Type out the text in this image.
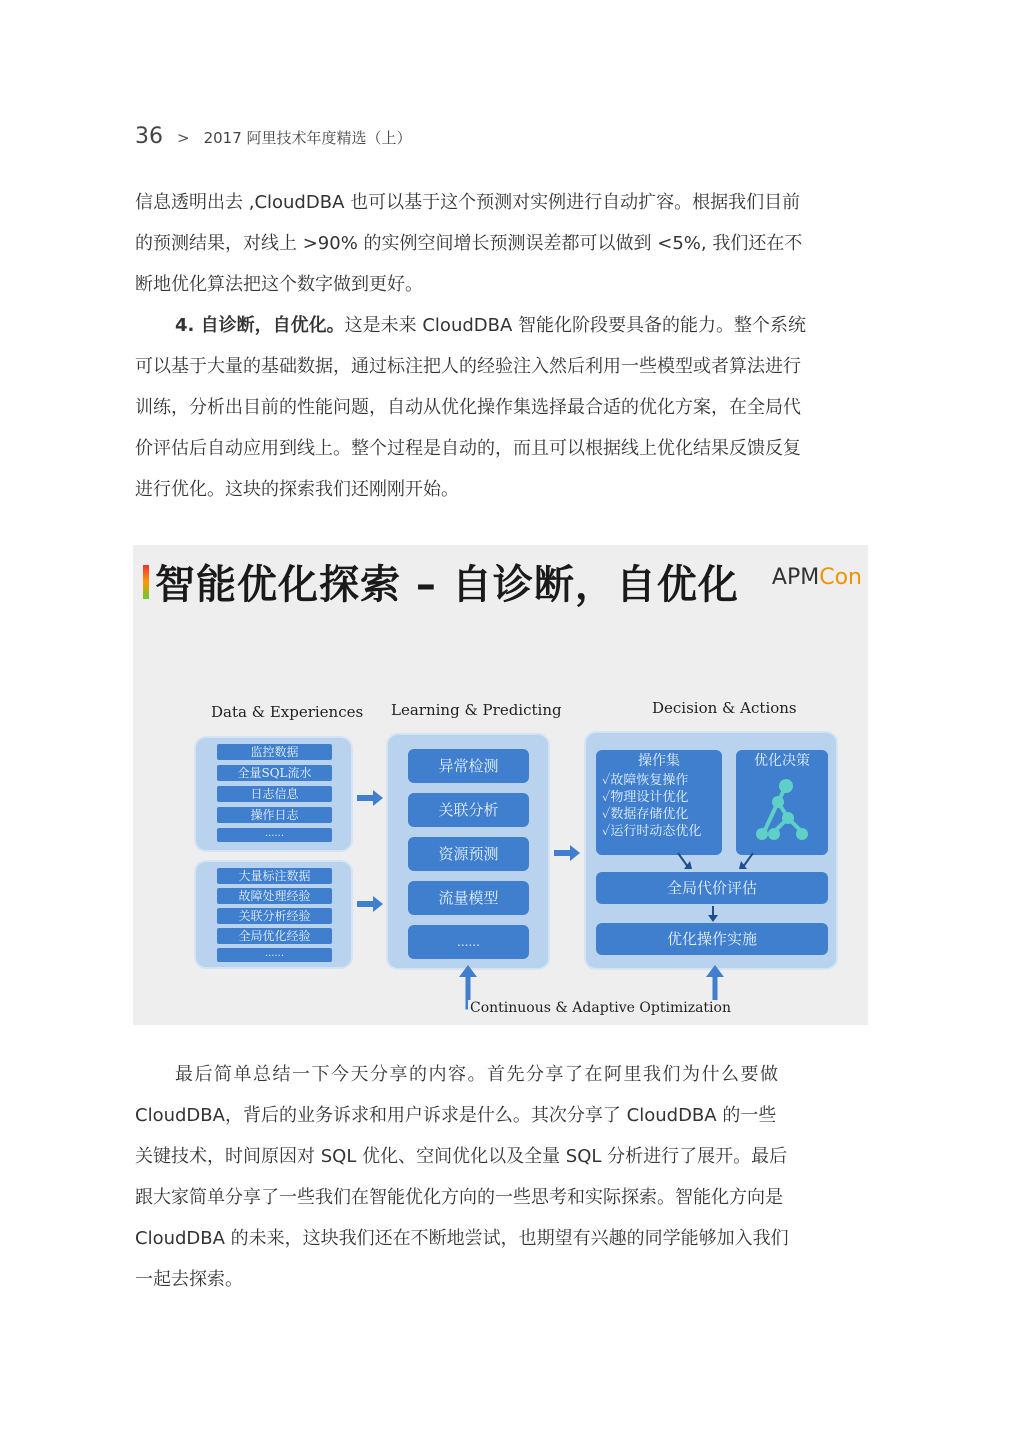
36 > 2017 阿里技术年度精选（上）
信息透明出去 ,CloudDBA 也可以基于这个预测对实例进行自动扩容。根据我们目前
的预测结果，对线上 >90% 的实例空间增长预测误差都可以做到 <5%, 我们还在不
断地优化算法把这个数字做到更好。
4. 自诊断，自优化。这是未来 CloudDBA 智能化阶段要具备的能力。整个系统
可以基于大量的基础数据，通过标注把人的经验注入然后利用一些模型或者算法进行
训练，分析出目前的性能问题，自动从优化操作集选择最合适的优化方案，在全局代
价评估后自动应用到线上。整个过程是自动的，而且可以根据线上优化结果反馈反复
进行优化。这块的探索我们还刚刚开始。
智能优化探索 – 自诊断，自优化 APMCon
Data & Experiences Learning & Predicting	Decision & Actions
监控数据
全量SQL流水
日志信息
操作日志
......
大量标注数据
故障处理经验
关联分析经验
全局优化经验
......
异常检测
关联分析
资源预测
流量模型
......
操作集
✓故障恢复操作
✓物理设计优化
✓数据存储优化
✓运行时动态优化
优化决策
全局代价评估
优化操作实施
Continuous & Adaptive Optimization
最后简单总结一下今天分享的内容。首先分享了在阿里我们为什么要做
CloudDBA，背后的业务诉求和用户诉求是什么。其次分享了 CloudDBA 的一些
关键技术，时间原因对 SQL 优化、空间优化以及全量 SQL 分析进行了展开。最后
跟大家简单分享了一些我们在智能优化方向的一些思考和实际探索。智能化方向是
CloudDBA 的未来，这块我们还在不断地尝试，也期望有兴趣的同学能够加入我们
一起去探索。
